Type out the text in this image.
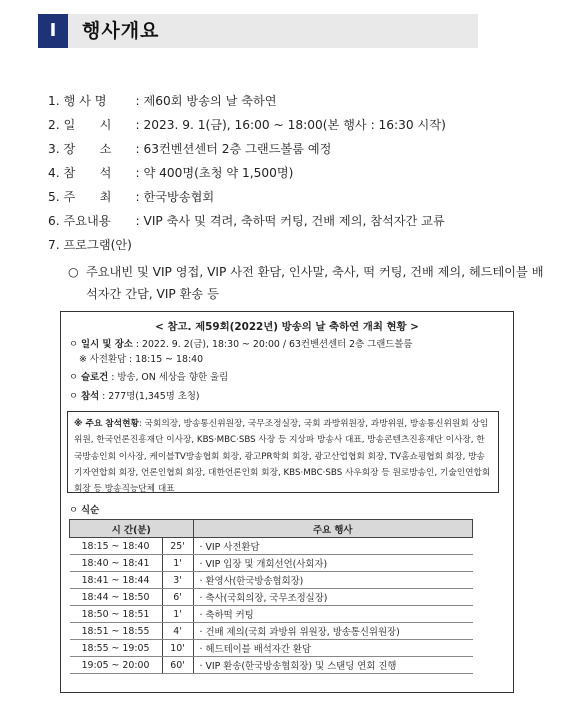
Ⅰ	행사개요
1. 행 사 명 : 제60회 방송의 날 축하연
2. 일　　시 : 2023. 9. 1(금), 16:00 ~ 18:00(본 행사 : 16:30 시작)
3. 장　　소 : 63컨벤션센터 2층 그랜드볼룸 예정
4. 참　　석 : 약 400명(초청 약 1,500명)
5. 주　　최 : 한국방송협회
6. 주요내용 : VIP 축사 및 격려, 축하떡 커팅, 건배 제의, 참석자간 교류
7. 프로그램(안)
○ 주요내빈 및 VIP 영접, VIP 사전 환담, 인사말, 축사, 떡 커팅, 건배 제의, 헤드테이블 배석자간 간담, VIP 환송 등
< 참고. 제59회(2022년) 방송의 날 축하연 개최 현황 >
ㅇ 일시 및 장소 : 2022. 9. 2(금), 18:30 ~ 20:00 / 63컨벤션센터 2층 그랜드볼룸
※ 사전환담 : 18:15 ~ 18:40
ㅇ 슬로건 : 방송, ON 세상을 향한 울림
ㅇ 참석 : 277명(1,345명 초청)
※ 주요 참석현황: 국회의장, 방송통신위원장, 국무조정실장, 국회 과방위원장, 과방위원, 방송통신위원회 상임위원, 한국언론진흥재단 이사장, KBS·MBC·SBS 사장 등 지상파 방송사 대표, 방송콘텐츠진흥재단 이사장, 한국방송인회 이사장, 케이블TV방송협회 회장, 광고PR학회 회장, 광고산업협회 회장, TV홈쇼핑협회 회장, 방송기자연합회 회장, 언론인협회 회장, 대한언론인회 회장, KBS·MBC·SBS 사우회장 등 원로방송인, 기술인연합회 회장 등 방송직능단체 대표
ㅇ 식순
시 간(분)		주요 행사
18:15 ~ 18:40	25'	· VIP 사전환담
18:40 ~ 18:41	1'	· VIP 입장 및 개회선언(사회자)
18:41 ~ 18:44	3'	· 환영사(한국방송협회장)
18:44 ~ 18:50	6'	· 축사(국회의장, 국무조정실장)
18:50 ~ 18:51	1'	· 축하떡 커팅
18:51 ~ 18:55	4'	· 건배 제의(국회 과방위 위원장, 방송통신위원장)
18:55 ~ 19:05	10'	· 헤드테이블 배석자간 환담
19:05 ~ 20:00	60'	· VIP 환송(한국방송협회장) 및 스탠딩 연회 진행
